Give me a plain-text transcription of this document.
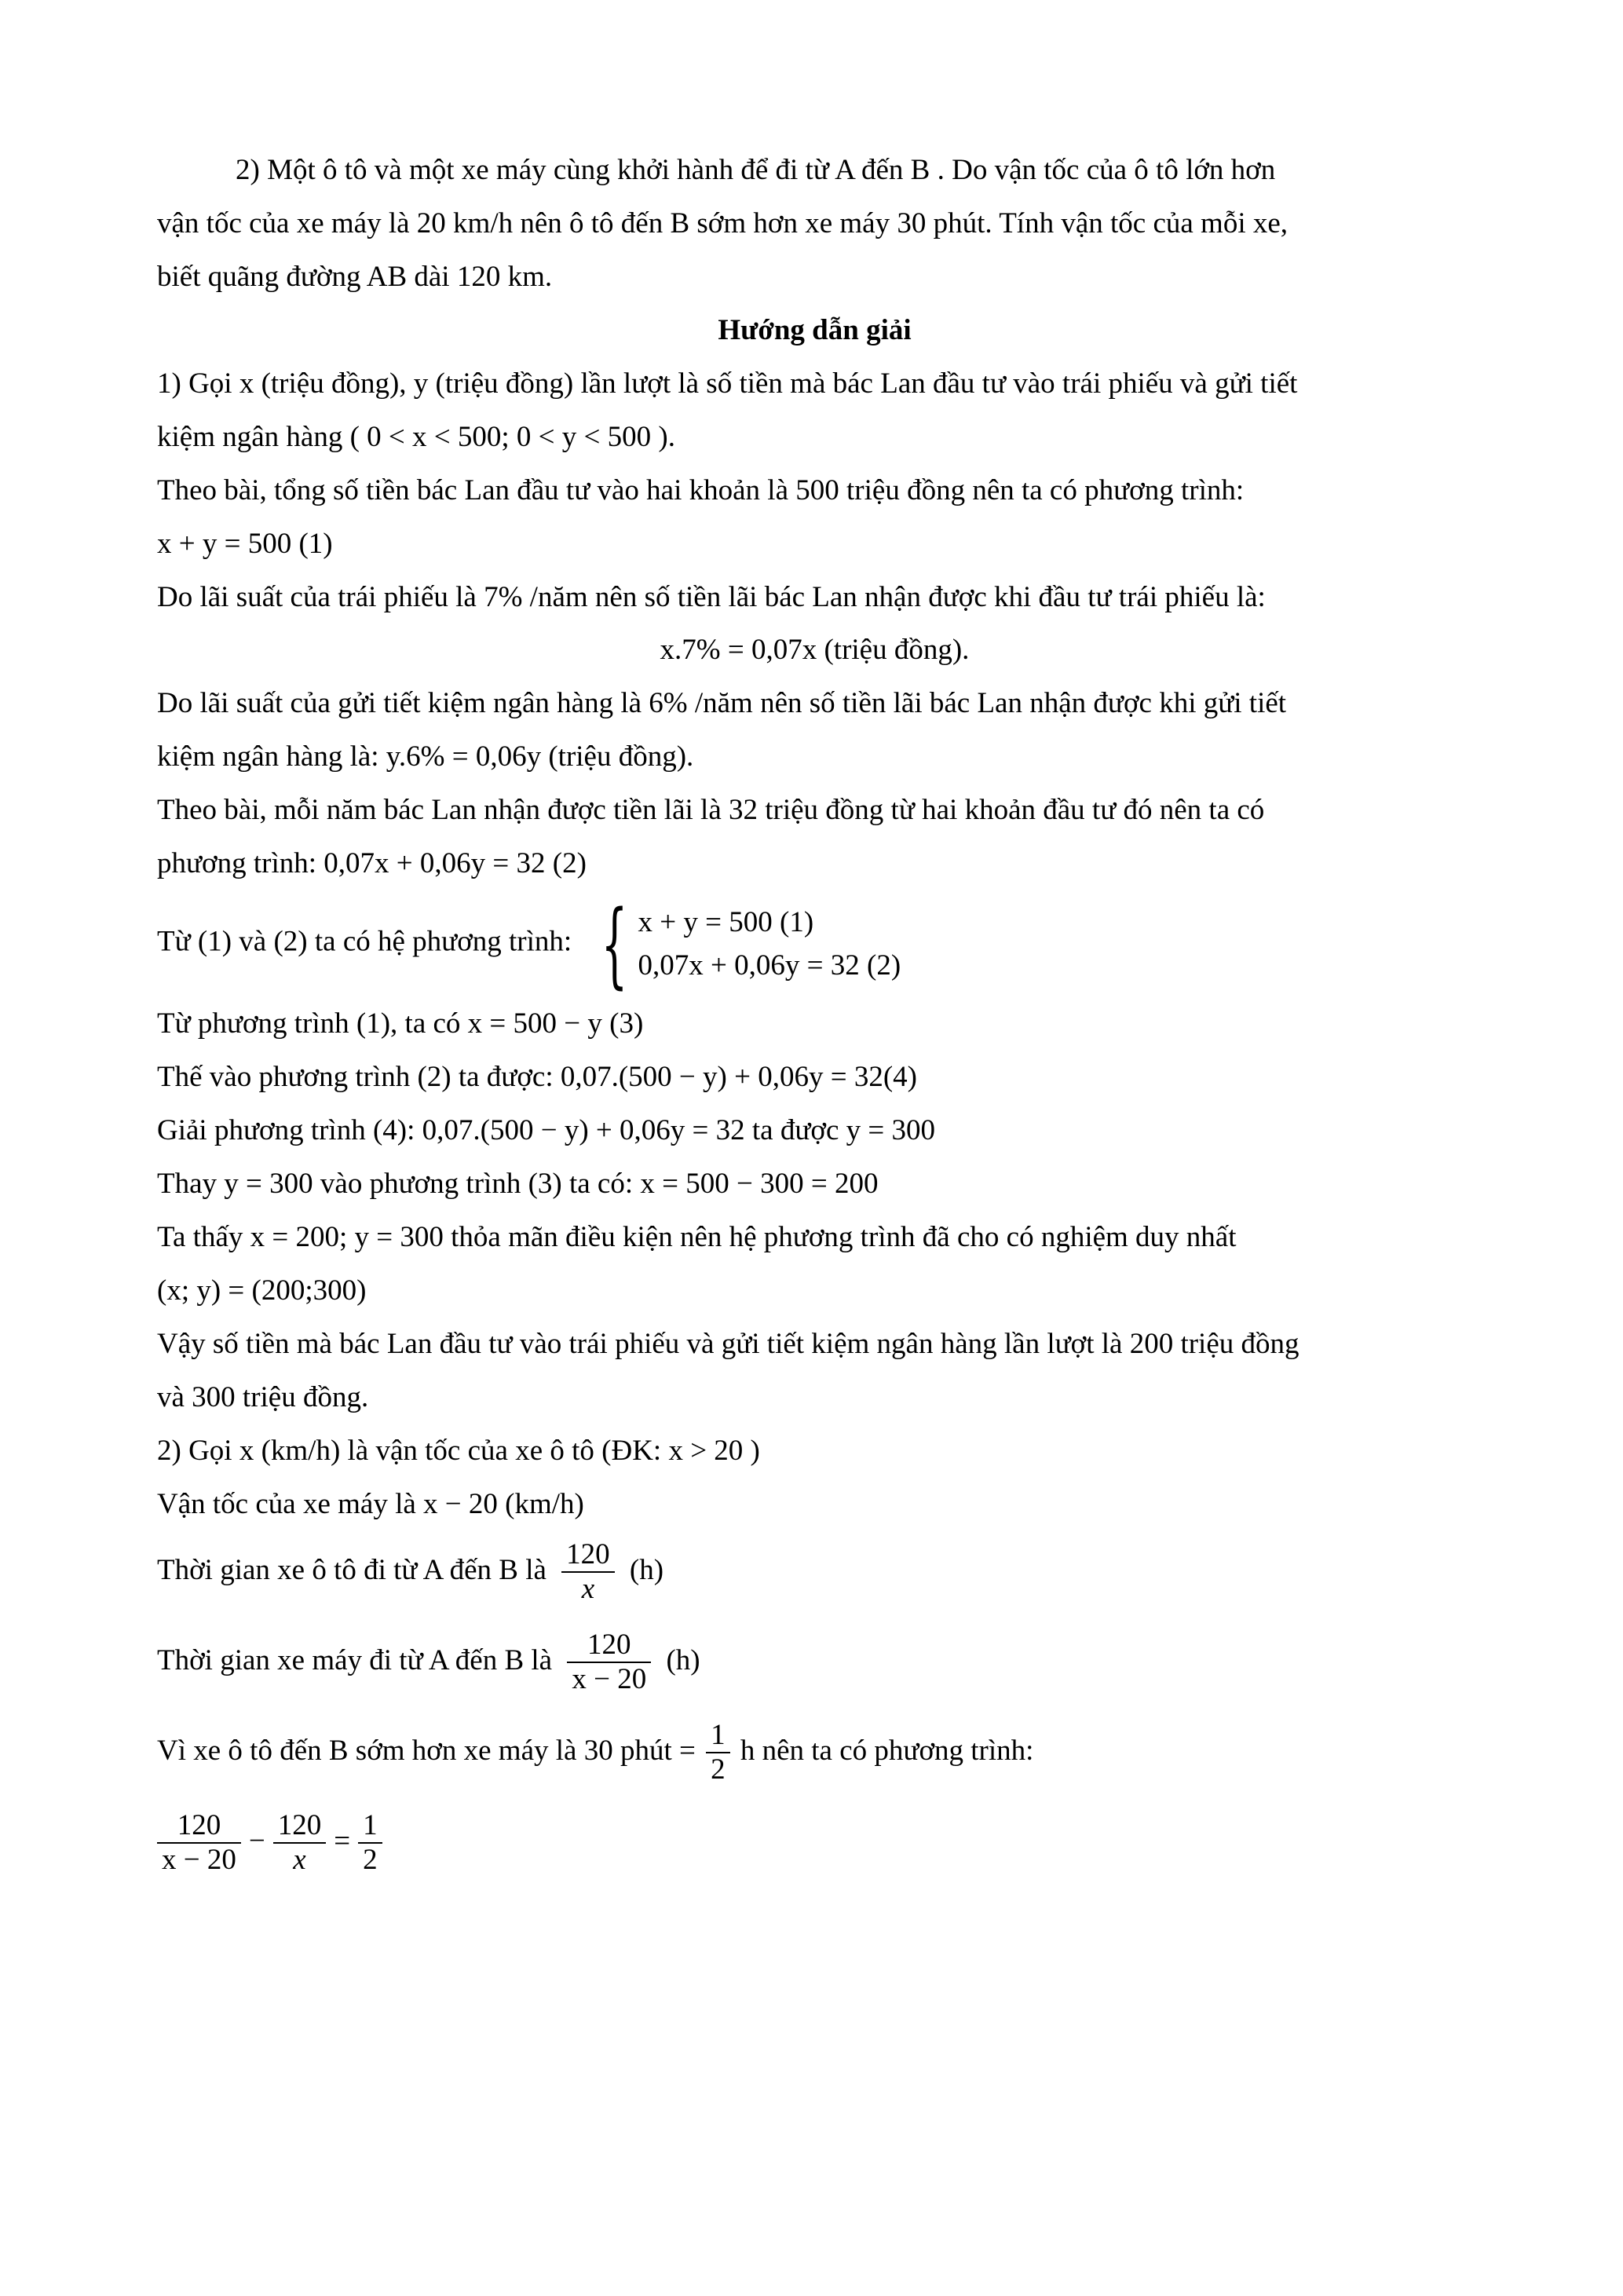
2) Một ô tô và một xe máy cùng khởi hành để đi từ A đến B . Do vận tốc của ô tô lớn hơn

vận tốc của xe máy là 20 km/h nên ô tô đến B sớm hơn xe máy 30 phút. Tính vận tốc của mỗi xe,

biết quãng đường AB dài 120 km.

Hướng dẫn giải

1) Gọi x (triệu đồng), y (triệu đồng) lần lượt là số tiền mà bác Lan đầu tư vào trái phiếu và gửi tiết

kiệm ngân hàng ( 0 < x < 500; 0 < y < 500 ).

Theo bài, tổng số tiền bác Lan đầu tư vào hai khoản là 500 triệu đồng nên ta có phương trình:

x + y = 500 (1)

Do lãi suất của trái phiếu là 7% /năm nên số tiền lãi bác Lan nhận được khi đầu tư trái phiếu là:

x.7% = 0,07x (triệu đồng).

Do lãi suất của gửi tiết kiệm ngân hàng là 6% /năm nên số tiền lãi bác Lan nhận được khi gửi tiết

kiệm ngân hàng là: y.6% = 0,06y (triệu đồng).

Theo bài, mỗi năm bác Lan nhận được tiền lãi là 32 triệu đồng từ hai khoản đầu tư đó nên ta có

phương trình: 0,07x + 0,06y = 32 (2)

Từ (1) và (2) ta có hệ phương trình: { x + y = 500 (1)
0,07x + 0,06y = 32 (2)

Từ phương trình (1), ta có x = 500 − y (3)

Thế vào phương trình (2) ta được: 0,07.(500 − y) + 0,06y = 32(4)

Giải phương trình (4): 0,07.(500 − y) + 0,06y = 32 ta được y = 300

Thay y = 300 vào phương trình (3) ta có: x = 500 − 300 = 200

Ta thấy x = 200; y = 300 thỏa mãn điều kiện nên hệ phương trình đã cho có nghiệm duy nhất

(x; y) = (200;300)

Vậy số tiền mà bác Lan đầu tư vào trái phiếu và gửi tiết kiệm ngân hàng lần lượt là 200 triệu đồng

và 300 triệu đồng.

2) Gọi x (km/h) là vận tốc của xe ô tô (ĐK: x > 20 )

Vận tốc của xe máy là x − 20 (km/h)

Thời gian xe ô tô đi từ A đến B là $\frac{120}{x} (h)$
Thời gian xe máy đi từ A đến B là $\frac{120}{x - 20} (h)$
Vì xe ô tô đến B sớm hơn xe máy là 30 phút = $\frac{1}{2}$ h nên ta có phương trình:
$\frac{120}{x - 20} - \frac{120}{x} = \frac{1}{2}$
